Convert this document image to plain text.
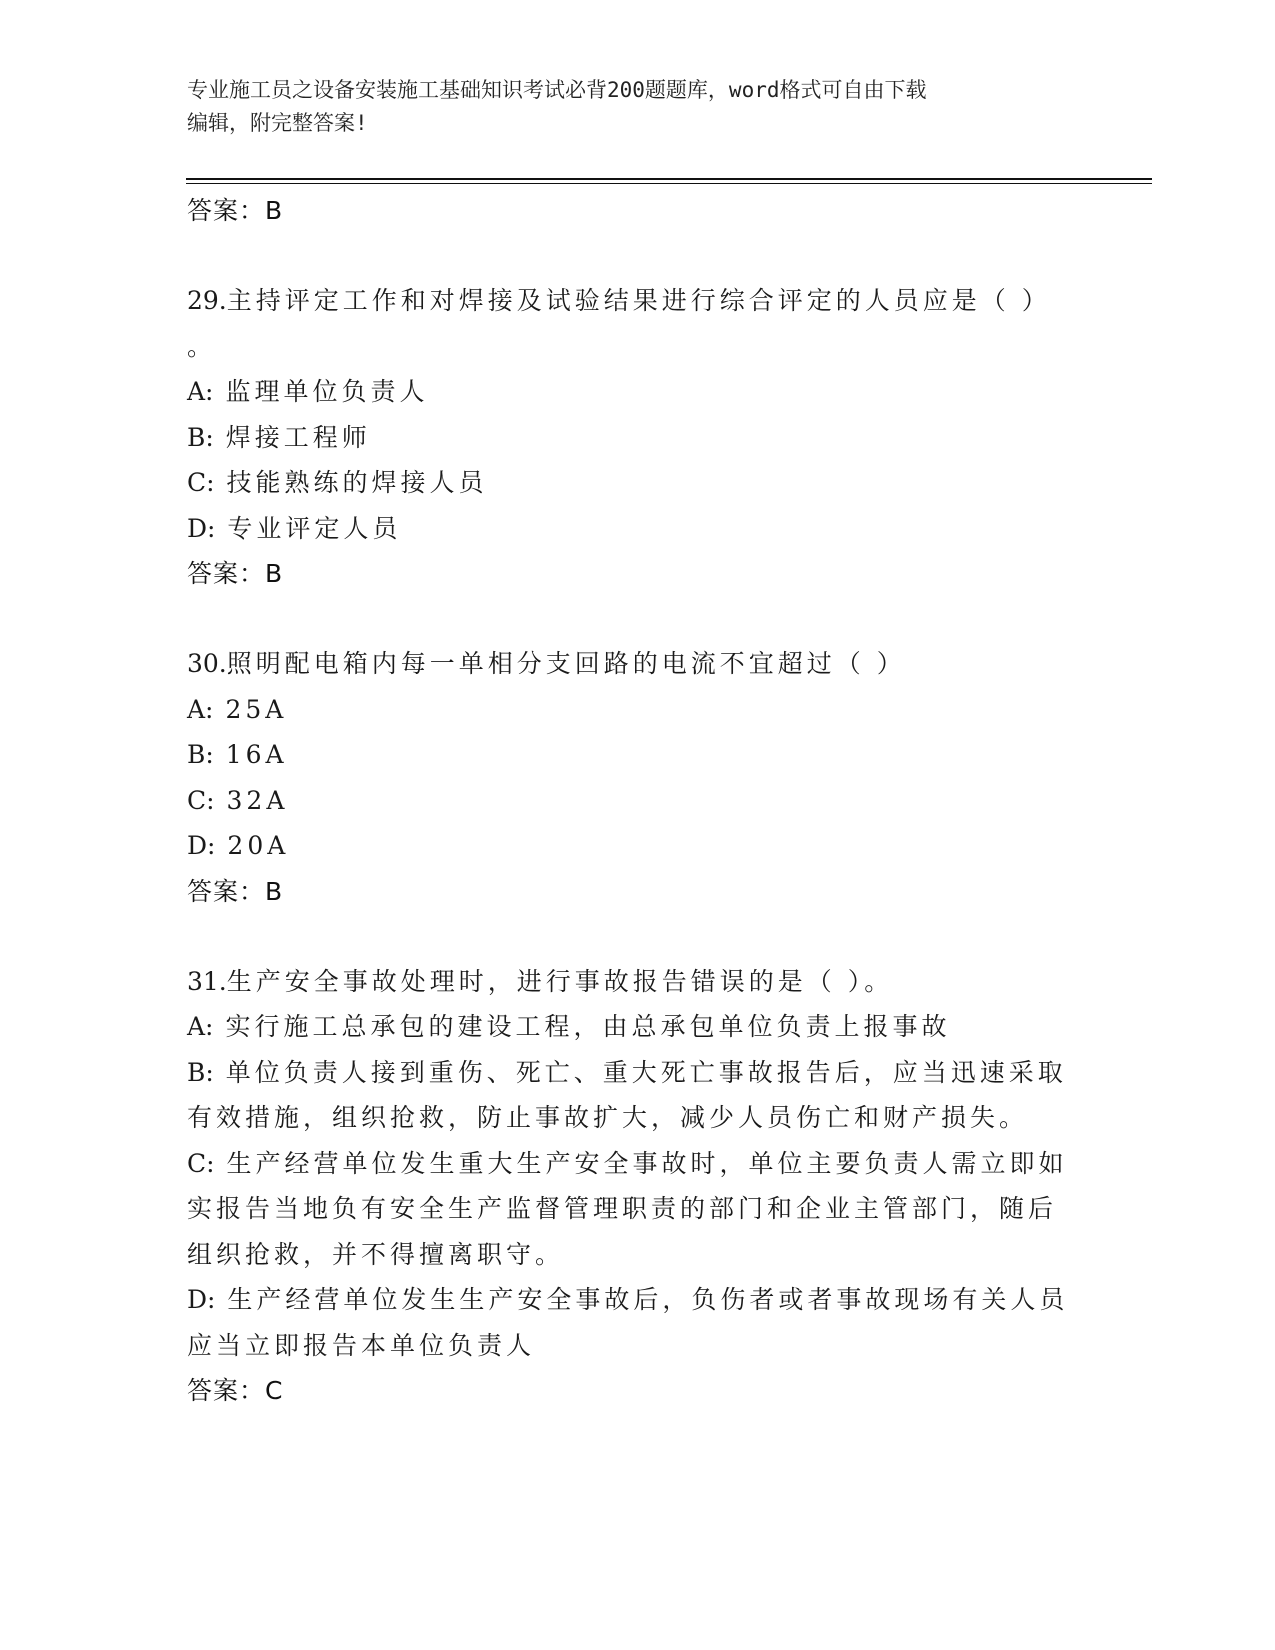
专业施工员之设备安装施工基础知识考试必背200题题库，word格式可自由下载
编辑，附完整答案!
答案：B
29.主持评定工作和对焊接及试验结果进行综合评定的人员应是（ ）
。
A: 监理单位负责人
B: 焊接工程师
C: 技能熟练的焊接人员
D: 专业评定人员
答案：B
30.照明配电箱内每一单相分支回路的电流不宜超过（ ）
A: 25A
B: 16A
C: 32A
D: 20A
答案：B
31.生产安全事故处理时，进行事故报告错误的是（ ）。
A: 实行施工总承包的建设工程，由总承包单位负责上报事故
B: 单位负责人接到重伤、死亡、重大死亡事故报告后，应当迅速采取
有效措施，组织抢救，防止事故扩大，减少人员伤亡和财产损失。
C: 生产经营单位发生重大生产安全事故时，单位主要负责人需立即如
实报告当地负有安全生产监督管理职责的部门和企业主管部门，随后
组织抢救，并不得擅离职守。
D: 生产经营单位发生生产安全事故后，负伤者或者事故现场有关人员
应当立即报告本单位负责人
答案：C
